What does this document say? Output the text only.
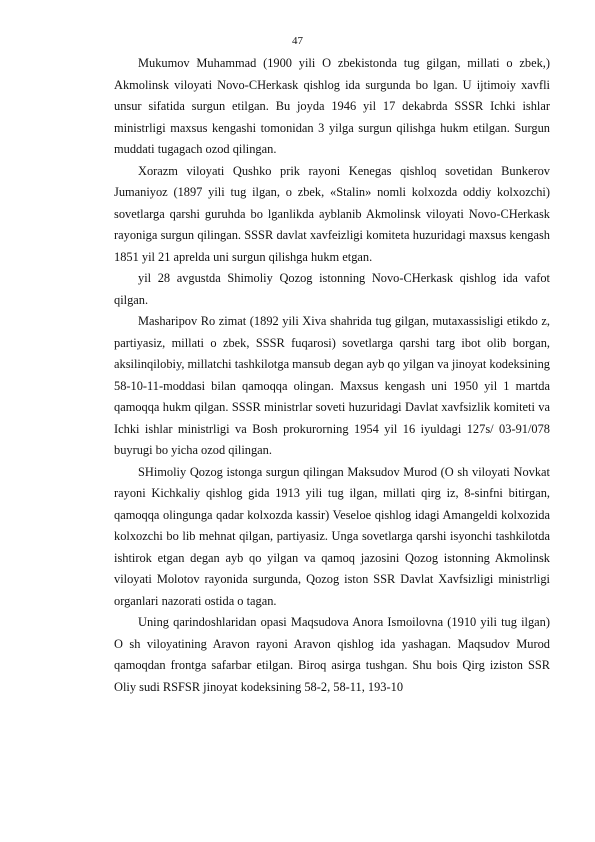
47

Mukumov Muhammad (1900 yili O zbekistonda tug gilgan, millati o zbek,) Akmolinsk viloyati Novo-CHerkask qishlog ida surgunda bo lgan. U ijtimoiy xavfli unsur sifatida surgun etilgan. Bu joyda 1946 yil 17 dekabrda SSSR Ichki ishlar ministrligi maxsus kengashi tomonidan 3 yilga surgun qilishga hukm etilgan. Surgun muddati tugagach ozod qilingan.

Xorazm viloyati Qushko prik rayoni Kenegas qishloq sovetidan Bunkerov Jumaniyoz (1897 yili tug ilgan, o zbek, «Stalin» nomli kolxozda oddiy kolxozchi) sovetlarga qarshi guruhda bo lganlikda ayblanib Akmolinsk viloyati Novo-CHerkask rayoniga surgun qilingan. SSSR davlat xavfeizligi komiteta huzuridagi maxsus kengash 1851 yil 21 aprelda uni surgun qilishga hukm etgan.

yil 28 avgustda Shimoliy Qozog istonning Novo-CHerkask qishlog ida vafot qilgan.

Masharipov Ro zimat (1892 yili Xiva shahrida tug gilgan, mutaxassisligi etikdo z, partiyasiz, millati o zbek, SSSR fuqarosi) sovetlarga qarshi targ ibot olib borgan, aksilinqilobiy, millatchi tashkilotga mansub degan ayb qo yilgan va jinoyat kodeksining 58-10-11-moddasi bilan qamoqqa olingan. Maxsus kengash uni 1950 yil 1 martda qamoqqa hukm qilgan. SSSR ministrlar soveti huzuridagi Davlat xavfsizlik komiteti va Ichki ishlar ministrligi va Bosh prokurorning 1954 yil 16 iyuldagi 127s/ 03-91/078 buyrugi bo yicha ozod qilingan.

SHimoliy Qozog istonga surgun qilingan Maksudov Murod (O sh viloyati Novkat rayoni Kichkaliy qishlog gida 1913 yili tug ilgan, millati qirg iz, 8-sinfni bitirgan, qamoqqa olingunga qadar kolxozda kassir) Veseloe qishlog idagi Amangeldi kolxozida kolxozchi bo lib mehnat qilgan, partiyasiz. Unga sovetlarga qarshi isyonchi tashkilotda ishtirok etgan degan ayb qo yilgan va qamoq jazosini Qozog istonning Akmolinsk viloyati Molotov rayonida surgunda, Qozog iston SSR Davlat Xavfsizligi ministrligi organlari nazorati ostida o tagan.

Uning qarindoshlaridan opasi Maqsudova Anora Ismoilovna (1910 yili tug ilgan) O sh viloyatining Aravon rayoni Aravon qishlog ida yashagan. Maqsudov Murod qamoqdan frontga safarbar etilgan. Biroq asirga tushgan. Shu bois Qirg iziston SSR Oliy sudi RSFSR jinoyat kodeksining 58-2, 58-11, 193-10
